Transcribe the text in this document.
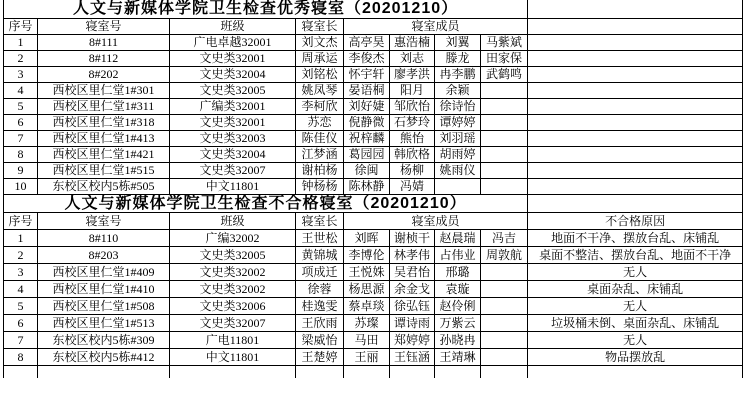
人文与新媒体学院卫生检查优秀寝室（20201210）								
序号	寝室号	班级	寝室长	寝室成员				
1	8#111	广电卓越32001	刘文杰	高亭昊	惠浩楠	刘翼	马紫斌	
2	8#112	文史类32001	周承运	李俊杰	刘志	滕龙	田家保	
3	8#202	文史类32004	刘铭松	怀宇轩	廖孝洪	冉李鹏	武鹤鸣	
4	西校区里仁堂1#301	文史类32005	姚凤琴	晏语桐	阳月	余颖		
5	西校区里仁堂1#311	广编类32001	李柯欣	刘好婕	邹欣怡	徐诗怡		
6	西校区里仁堂1#318	文史类32001	苏恋	倪静微	石梦玲	谭婷婷		
7	西校区里仁堂1#413	文史类32003	陈佳仪	祝梓麟	熊怡	刘羽瑶		
8	西校区里仁堂1#421	文史类32004	江梦涵	葛园园	韩欣格	胡雨婷		
9	西校区里仁堂1#515	文史类32007	谢柏杨	徐闽	杨柳	姚雨仪		
10	东校区校内5栋#505	中文11801	钟杨杨	陈林静	冯婧			
人文与新媒体学院卫生检查不合格寝室（20201210）								
序号	寝室号	班级	寝室长	寝室成员				不合格原因
1	8#110	广编32002	王世松	刘晖	谢桢干	赵晨瑞	冯吉	地面不干净、摆放台乱、床铺乱
2	8#203	文史类32005	黄锦城	李博伦	林孝伟	占伟业	周敦航	桌面不整洁、摆放台乱、地面不干净
3	西校区里仁堂1#409	文史类32002	项成迁	王悦姝	吴君怡	邢璐		无人
4	西校区里仁堂1#410	文史类32002	徐蓉	杨思源	余金戈	袁璇		桌面杂乱、床铺乱
5	西校区里仁堂1#508	文史类32006	桂逸雯	蔡卓琰	徐弘钰	赵伶俐		无人
6	西校区里仁堂1#513	文史类32007	王欣雨	苏璨	谭诗雨	万紫云		垃圾桶未倒、桌面杂乱、床铺乱
7	东校区校内5栋#309	广电11801	梁威怡	马田	郑婷婷	孙晓冉		无人
8	东校区校内5栋#412	中文11801	王楚婷	王丽	王钰涵	王靖琳		物品摆放乱
